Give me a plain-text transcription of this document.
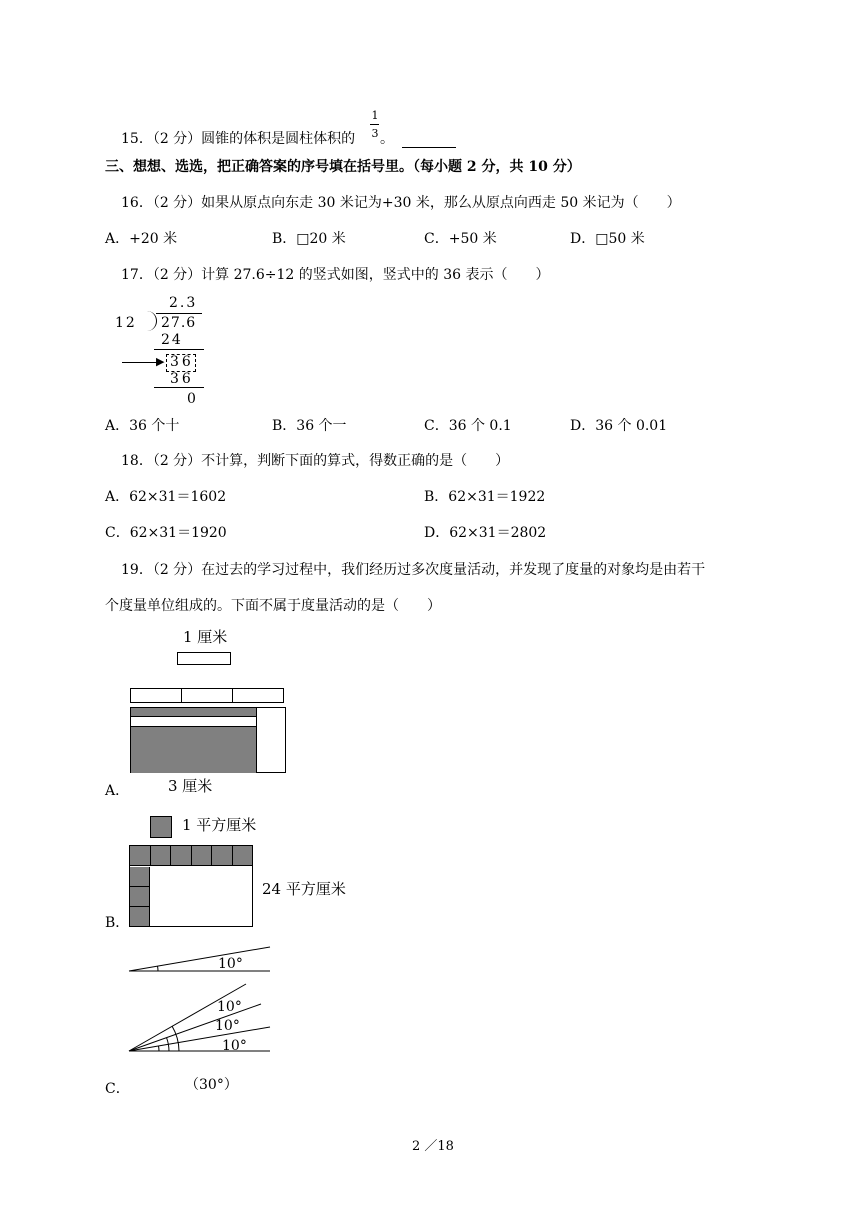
15．（2 分）圆锥的体积是圆柱体积的
1
3 。
三、想想、选选，把正确答案的序号填在括号里。（每小题 2 分，共 10 分）
16．（2 分）如果从原点向东走 30 米记为+30 米，那么从原点向西走 50 米记为（　　）
A．+20 米	B．□20 米	C．+50 米	D．□50 米
17．（2 分）计算 27.6÷12 的竖式如图，竖式中的 36 表示（　　）
2.3
12 27.6
24
▶ 36
36
0
A．36 个十	B．36 个一	C．36 个 0.1	D．36 个 0.01
18．（2 分）不计算，判断下面的算式，得数正确的是（　　）
A．62×31＝1602	B．62×31＝1922
C．62×31＝1920	D．62×31＝2802
19．（2 分）在过去的学习过程中，我们经历过多次度量活动，并发现了度量的对象均是由若干
个度量单位组成的。下面不属于度量活动的是（　　）
1 厘米
A．	3 厘米
1 平方厘米
24 平方厘米
B．
10°
10°
10°
10°
（30°）
C．
2 ／18
